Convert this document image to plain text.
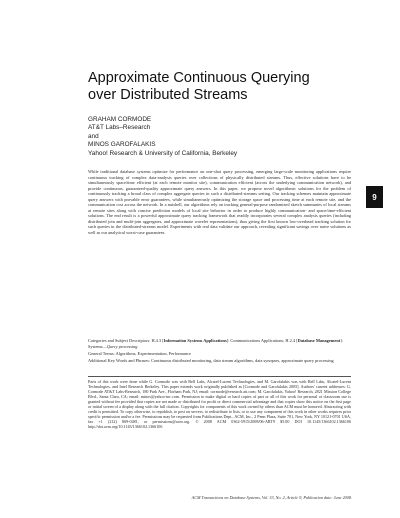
Approximate Continuous Querying
over Distributed Streams
GRAHAM CORMODE
AT&T Labs–Research
and
MINOS GAROFALAKIS
Yahoo! Research & University of California, Berkeley
While traditional database systems optimize for performance on one-shot query processing, emerging large-scale monitoring applications require continuous tracking of complex data-analysis queries over collections of physically distributed streams. Thus, effective solutions have to be simultaneously space/time efficient (at each remote monitor site), communication efficient (across the underlying communication network), and provide continuous, guaranteed-quality approximate query answers. In this paper, we propose novel algorithmic solutions for the problem of continuously tracking a broad class of complex aggregate queries in such a distributed-streams setting. Our tracking schemes maintain approximate query answers with provable error guarantees, while simultaneously optimizing the storage space and processing time at each remote site, and the communication cost across the network. In a nutshell, our algorithms rely on tracking general-purpose randomized sketch summaries of local streams at remote sites along with concise prediction models of local site behavior in order to produce highly communication- and space/time-efficient solutions. The end result is a powerful approximate query tracking framework that readily incorporates several complex analysis queries (including distributed join and multi-join aggregates, and approximate wavelet representations), thus giving the first known low-overhead tracking solution for such queries in the distributed-streams model. Experiments with real data validate our approach, revealing significant savings over naive solutions as well as our analytical worst-case guarantees.

Categories and Subject Descriptors: H.4.3 [Information Systems Applications]: Communications Applications; H.2.4 [Database Management]: Systems—Query processing

General Terms: Algorithms, Experimentation, Performance

Additional Key Words and Phrases: Continuous distributed monitoring, data stream algorithms, data synopses, approximate query processing

Parts of this work were done while G. Cormode was with Bell Labs, Alcatel-Lucent Technologies, and M. Garofalakis was with Bell Labs, Alcatel-Lucent Technologies, and Intel Research Berkeley. This paper extends work originally published as [Cormode and Garofalakis 2005]. Authors' current addresses: G. Cormode AT&T Labs-Research, 180 Park Ave., Florham Park, NJ; email: cormode@research.att.com; M. Garofalakis, Yahoo! Research, 2821 Mission College Blvd., Santa Clara, CA; email: minos@yahoo-inc.com. Permission to make digital or hard copies of part or all of this work for personal or classroom use is granted without fee provided that copies are not made or distributed for profit or direct commercial advantage and that copies show this notice on the first page or initial screen of a display along with the full citation. Copyrights for components of this work owned by others than ACM must be honored. Abstracting with credit is permitted. To copy otherwise, to republish, to post on servers, to redistribute to lists, or to use any component of this work in other works requires prior specific permission and/or a fee. Permissions may be requested from Publications Dept., ACM, Inc., 2 Penn Plaza, Suite 701, New York, NY 10121-0701 USA, fax +1 (212) 869-0481, or permissions@acm.org. © 2008 ACM 0362-5915/2008/06-ART9 $5.00 DOI 10.1145/1366102.1366106 http://doi.acm.org/10.1145/1366102.1366106
ACM Transactions on Database Systems, Vol. 33, No. 2, Article 9, Publication date: June 2008.
9
